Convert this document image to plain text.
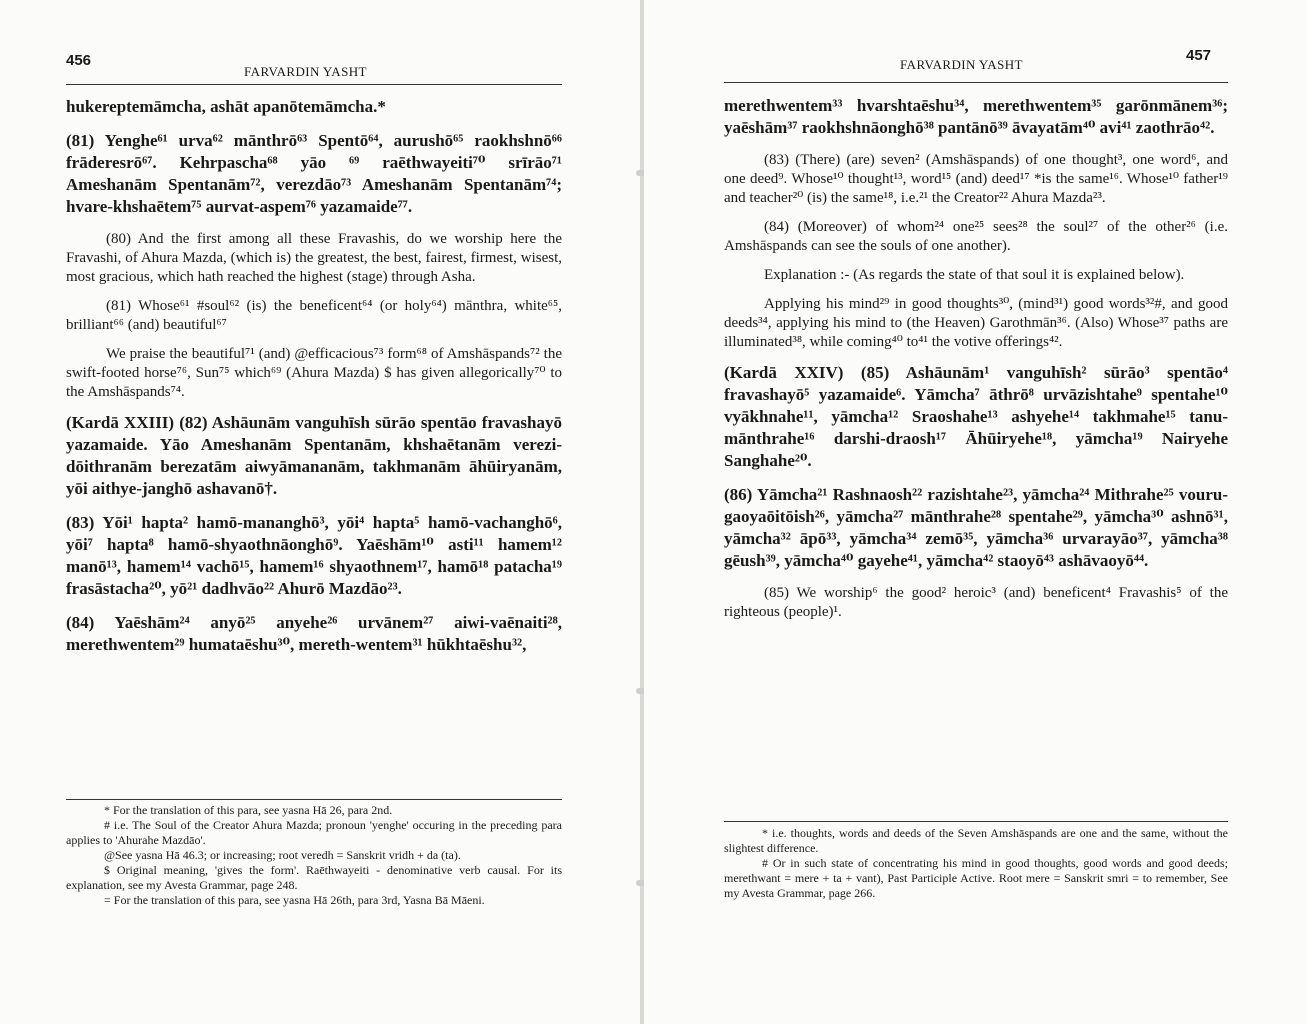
456
FARVARDIN YASHT

hukereptemāmcha, ashāt apanōtemāmcha.*

(81) Yenghe⁶¹ urva⁶² mānthrō⁶³ Spentō⁶⁴, aurushō⁶⁵ raokhshnō⁶⁶ frāderesrō⁶⁷. Kehrpascha⁶⁸ yāo ⁶⁹ raēthwayeiti⁷⁰ srīrāo⁷¹ Ameshanām Spentanām⁷², verezdāo⁷³ Ameshanām Spentanām⁷⁴; hvare-khshaētem⁷⁵ aurvat-aspem⁷⁶ yazamaide⁷⁷.

(80) And the first among all these Fravashis, do we worship here the Fravashi, of Ahura Mazda, (which is) the greatest, the best, fairest, firmest, wisest, most gracious, which hath reached the highest (stage) through Asha.

(81) Whose⁶¹ #soul⁶² (is) the beneficent⁶⁴ (or holy⁶⁴) mānthra, white⁶⁵, brilliant⁶⁶ (and) beautiful⁶⁷

We praise the beautiful⁷¹ (and) @efficacious⁷³ form⁶⁸ of Amshāspands⁷² the swift-footed horse⁷⁶, Sun⁷⁵ which⁶⁹ (Ahura Mazda) $ has given allegorically⁷⁰ to the Amshāspands⁷⁴.

(Kardā XXIII) (82) Ashāunām vanguhīsh sūrāo spentāo fravashayō yazamaide. Yāo Ameshanām Spentanām, khshaētanām verezi-dōithranām berezatām aiwyāmananām, takhmanām āhūiryanām, yōi aithye-janghō ashavanō†.

(83) Yōi¹ hapta² hamō-mananghō³, yōi⁴ hapta⁵ hamō-vachanghō⁶, yōi⁷ hapta⁸ hamō-shyaothnāonghō⁹. Yaēshām¹⁰ asti¹¹ hamem¹² manō¹³, hamem¹⁴ vachō¹⁵, hamem¹⁶ shyaothnem¹⁷, hamō¹⁸ patacha¹⁹ frasāstacha²⁰, yō²¹ dadhvāo²² Ahurō Mazdāo²³.

(84) Yaēshām²⁴ anyō²⁵ anyehe²⁶ urvānem²⁷ aiwi-vaēnaiti²⁸, merethwentem²⁹ humataēshu³⁰, mereth-wentem³¹ hūkhtaēshu³²,

* For the translation of this para, see yasna Hā 26, para 2nd.

# i.e. The Soul of the Creator Ahura Mazda; pronoun 'yenghe' occuring in the preceding para applies to 'Ahurahe Mazdāo'.

@See yasna Hā 46.3; or increasing; root veredh = Sanskrit vridh + da (ta).

$ Original meaning, 'gives the form'. Raēthwayeiti - denominative verb causal. For its explanation, see my Avesta Grammar, page 248.

= For the translation of this para, see yasna Hā 26th, para 3rd, Yasna Bā Māeni.

457
FARVARDIN YASHT

merethwentem³³ hvarshtaēshu³⁴, merethwentem³⁵ garōnmānem³⁶; yaēshām³⁷ raokhshnāonghō³⁸ pantānō³⁹ āvayatām⁴⁰ avi⁴¹ zaothrāo⁴².

(83) (There) (are) seven² (Amshāspands) of one thought³, one word⁶, and one deed⁹. Whose¹⁰ thought¹³, word¹⁵ (and) deed¹⁷ *is the same¹⁶. Whose¹⁰ father¹⁹ and teacher²⁰ (is) the same¹⁸, i.e.²¹ the Creator²² Ahura Mazda²³.

(84) (Moreover) of whom²⁴ one²⁵ sees²⁸ the soul²⁷ of the other²⁶ (i.e. Amshāspands can see the souls of one another).

Explanation :- (As regards the state of that soul it is explained below).

Applying his mind²⁹ in good thoughts³⁰, (mind³¹) good words³²#, and good deeds³⁴, applying his mind to (the Heaven) Garothmān³⁶. (Also) Whose³⁷ paths are illuminated³⁸, while coming⁴⁰ to⁴¹ the votive offerings⁴².

(Kardā XXIV) (85) Ashāunām¹ vanguhīsh² sūrāo³ spentāo⁴ fravashayō⁵ yazamaide⁶. Yāmcha⁷ āthrō⁸ urvāzishtahe⁹ spentahe¹⁰ vyākhnahe¹¹, yāmcha¹² Sraoshahe¹³ ashyehe¹⁴ takhmahe¹⁵ tanu-mānthrahe¹⁶ darshi-draosh¹⁷ Āhūiryehe¹⁸, yāmcha¹⁹ Nairyehe Sanghahe²⁰.

(86) Yāmcha²¹ Rashnaosh²² razishtahe²³, yāmcha²⁴ Mithrahe²⁵ vouru-gaoyaōitōish²⁶, yāmcha²⁷ mānthrahe²⁸ spentahe²⁹, yāmcha³⁰ ashnō³¹, yāmcha³² āpō³³, yāmcha³⁴ zemō³⁵, yāmcha³⁶ urvarayāo³⁷, yāmcha³⁸ gēush³⁹, yāmcha⁴⁰ gayehe⁴¹, yāmcha⁴² staoyō⁴³ ashāvaoyō⁴⁴.

(85) We worship⁶ the good² heroic³ (and) beneficent⁴ Fravashis⁵ of the righteous (people)¹.

* i.e. thoughts, words and deeds of the Seven Amshāspands are one and the same, without the slightest difference.

# Or in such state of concentrating his mind in good thoughts, good words and good deeds; merethwant = mere + ta + vant), Past Participle Active. Root mere = Sanskrit smri = to remember, See my Avesta Grammar, page 266.
